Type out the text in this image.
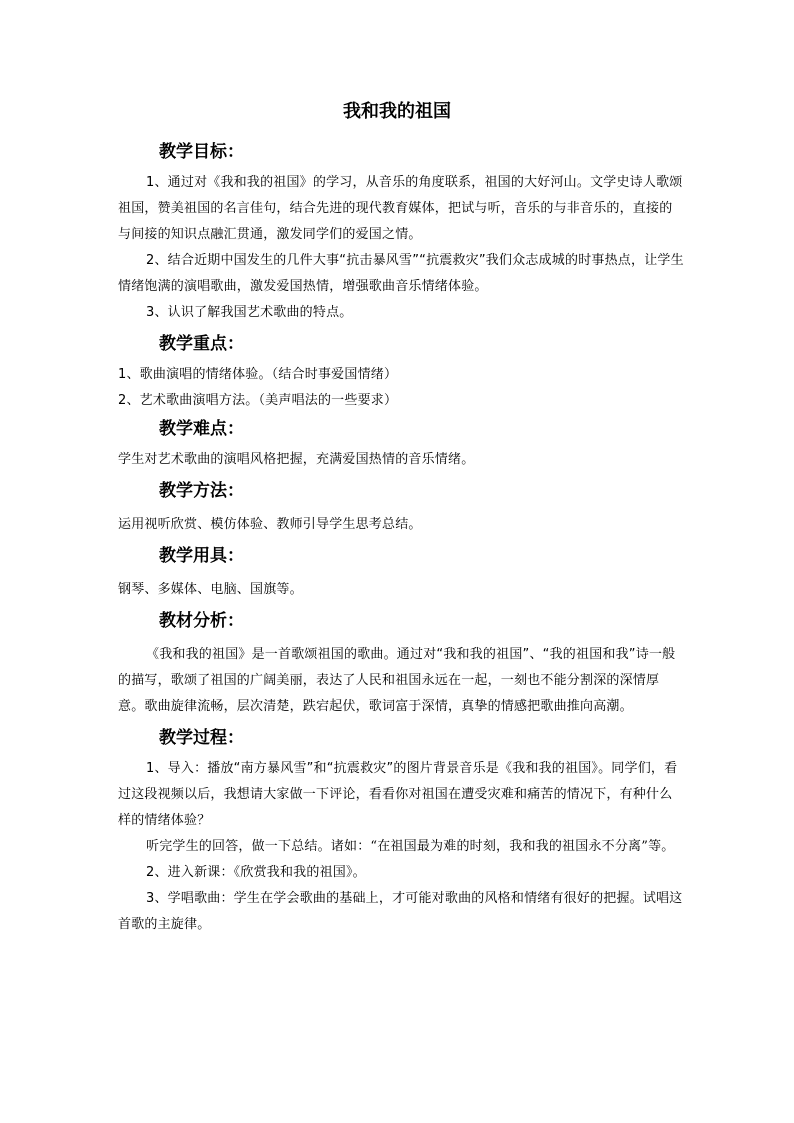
我和我的祖国
教学目标：

1、通过对《我和我的祖国》的学习，从音乐的角度联系，祖国的大好河山。文学史诗人歌颂祖国，赞美祖国的名言佳句，结合先进的现代教育媒体，把试与听，音乐的与非音乐的，直接的与间接的知识点融汇贯通，激发同学们的爱国之情。

2、结合近期中国发生的几件大事“抗击暴风雪”“抗震救灾”我们众志成城的时事热点，让学生情绪饱满的演唱歌曲，激发爱国热情，增强歌曲音乐情绪体验。

3、认识了解我国艺术歌曲的特点。

教学重点：

1、歌曲演唱的情绪体验。（结合时事爱国情绪）

2、艺术歌曲演唱方法。（美声唱法的一些要求）

教学难点：

学生对艺术歌曲的演唱风格把握，充满爱国热情的音乐情绪。

教学方法：

运用视听欣赏、模仿体验、教师引导学生思考总结。

教学用具：

钢琴、多媒体、电脑、国旗等。

教材分析：

《我和我的祖国》是一首歌颂祖国的歌曲。通过对“我和我的祖国”、“我的祖国和我”诗一般的描写，歌颂了祖国的广阔美丽，表达了人民和祖国永远在一起，一刻也不能分割深的深情厚意。歌曲旋律流畅，层次清楚，跌宕起伏，歌词富于深情，真挚的情感把歌曲推向高潮。

教学过程：

1、导入：播放“南方暴风雪”和“抗震救灾”的图片背景音乐是《我和我的祖国》。同学们，看过这段视频以后，我想请大家做一下评论，看看你对祖国在遭受灾难和痛苦的情况下，有种什么样的情绪体验？

听完学生的回答，做一下总结。诸如：“在祖国最为难的时刻，我和我的祖国永不分离”等。

2、进入新课：《欣赏我和我的祖国》。

3、学唱歌曲：学生在学会歌曲的基础上，才可能对歌曲的风格和情绪有很好的把握。试唱这首歌的主旋律。
